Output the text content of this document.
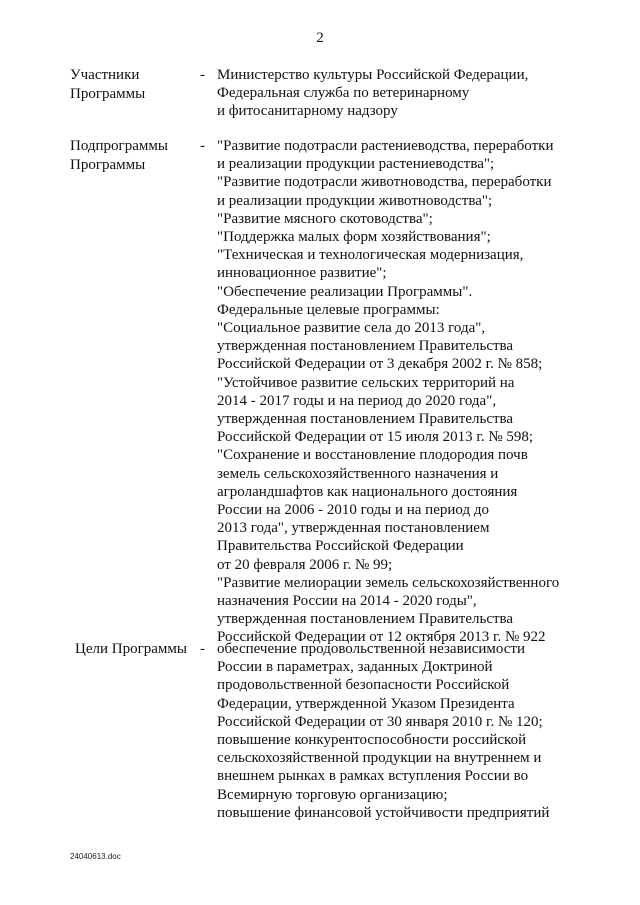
2
Участники
Программы
- Министерство культуры Российской Федерации,
Федеральная служба по ветеринарному
и фитосанитарному надзору
Подпрограммы
Программы
- "Развитие подотрасли растениеводства, переработки
и реализации продукции растениеводства";
"Развитие подотрасли животноводства, переработки
и реализации продукции животноводства";
"Развитие мясного скотоводства";
"Поддержка малых форм хозяйствования";
"Техническая и технологическая модернизация,
инновационное развитие";
"Обеспечение реализации Программы".
Федеральные целевые программы:
"Социальное развитие села до 2013 года",
утвержденная постановлением Правительства
Российской Федерации от 3 декабря 2002 г. № 858;
"Устойчивое развитие сельских территорий на
2014 - 2017 годы и на период до 2020 года",
утвержденная постановлением Правительства
Российской Федерации от 15 июля 2013 г. № 598;
"Сохранение и восстановление плодородия почв
земель сельскохозяйственного назначения и
агроландшафтов как национального достояния
России на 2006 - 2010 годы и на период до
2013 года", утвержденная постановлением
Правительства Российской Федерации
от 20 февраля 2006 г. № 99;
"Развитие мелиорации земель сельскохозяйственного
назначения России на 2014 - 2020 годы",
утвержденная постановлением Правительства
Российской Федерации от 12 октября 2013 г. № 922
Цели Программы - обеспечение продовольственной независимости
России в параметрах, заданных Доктриной
продовольственной безопасности Российской
Федерации, утвержденной Указом Президента
Российской Федерации от 30 января 2010 г. № 120;
повышение конкурентоспособности российской
сельскохозяйственной продукции на внутреннем и
внешнем рынках в рамках вступления России во
Всемирную торговую организацию;
повышение финансовой устойчивости предприятий
24040613.doc
